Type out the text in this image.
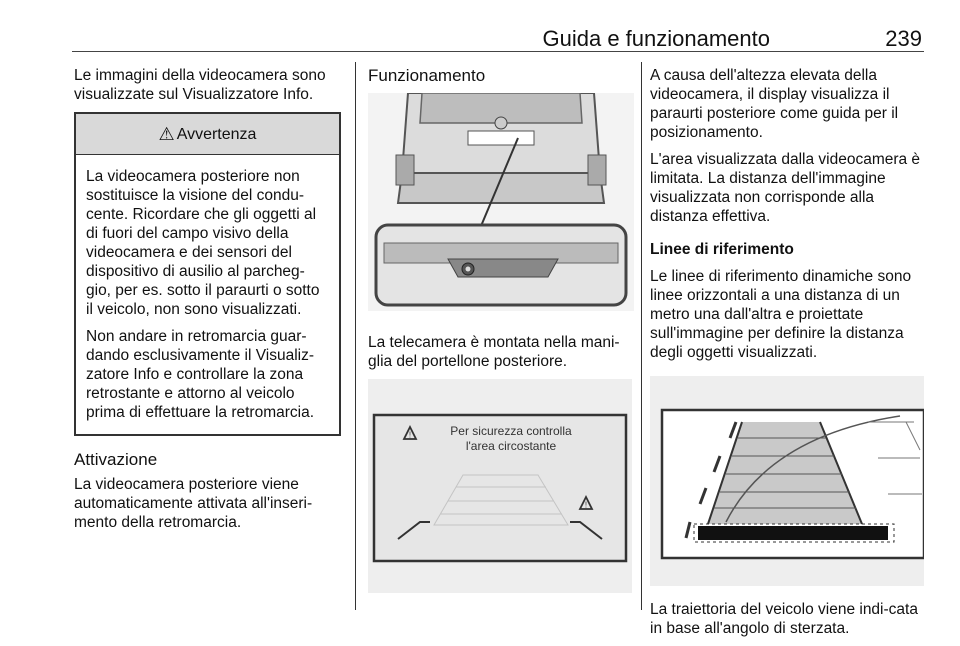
Guida e funzionamento	239

Le immagini della videocamera sono visualizzate sul Visualizzatore Info.

⚠ Avvertenza

La videocamera posteriore non sostituisce la visione del condu-cente. Ricordare che gli oggetti al di fuori del campo visivo della videocamera e dei sensori del dispositivo di ausilio al parcheg-gio, per es. sotto il paraurti o sotto il veicolo, non sono visualizzati.

Non andare in retromarcia guar-dando esclusivamente il Visualiz-zatore Info e controllare la zona retrostante e attorno al veicolo prima di effettuare la retromarcia.

Attivazione

La videocamera posteriore viene automaticamente attivata all'inseri-mento della retromarcia.

Funzionamento

La telecamera è montata nella mani-glia del portellone posteriore.

!	Per sicurezza controlla
l'area circostante
!

A causa dell'altezza elevata della videocamera, il display visualizza il paraurti posteriore come guida per il posizionamento.

L'area visualizzata dalla videocamera è limitata. La distanza dell'immagine visualizzata non corrisponde alla distanza effettiva.

Linee di riferimento

Le linee di riferimento dinamiche sono linee orizzontali a una distanza di un metro una dall'altra e proiettate sull'immagine per definire la distanza degli oggetti visualizzati.

La traiettoria del veicolo viene indi-cata in base all'angolo di sterzata.
